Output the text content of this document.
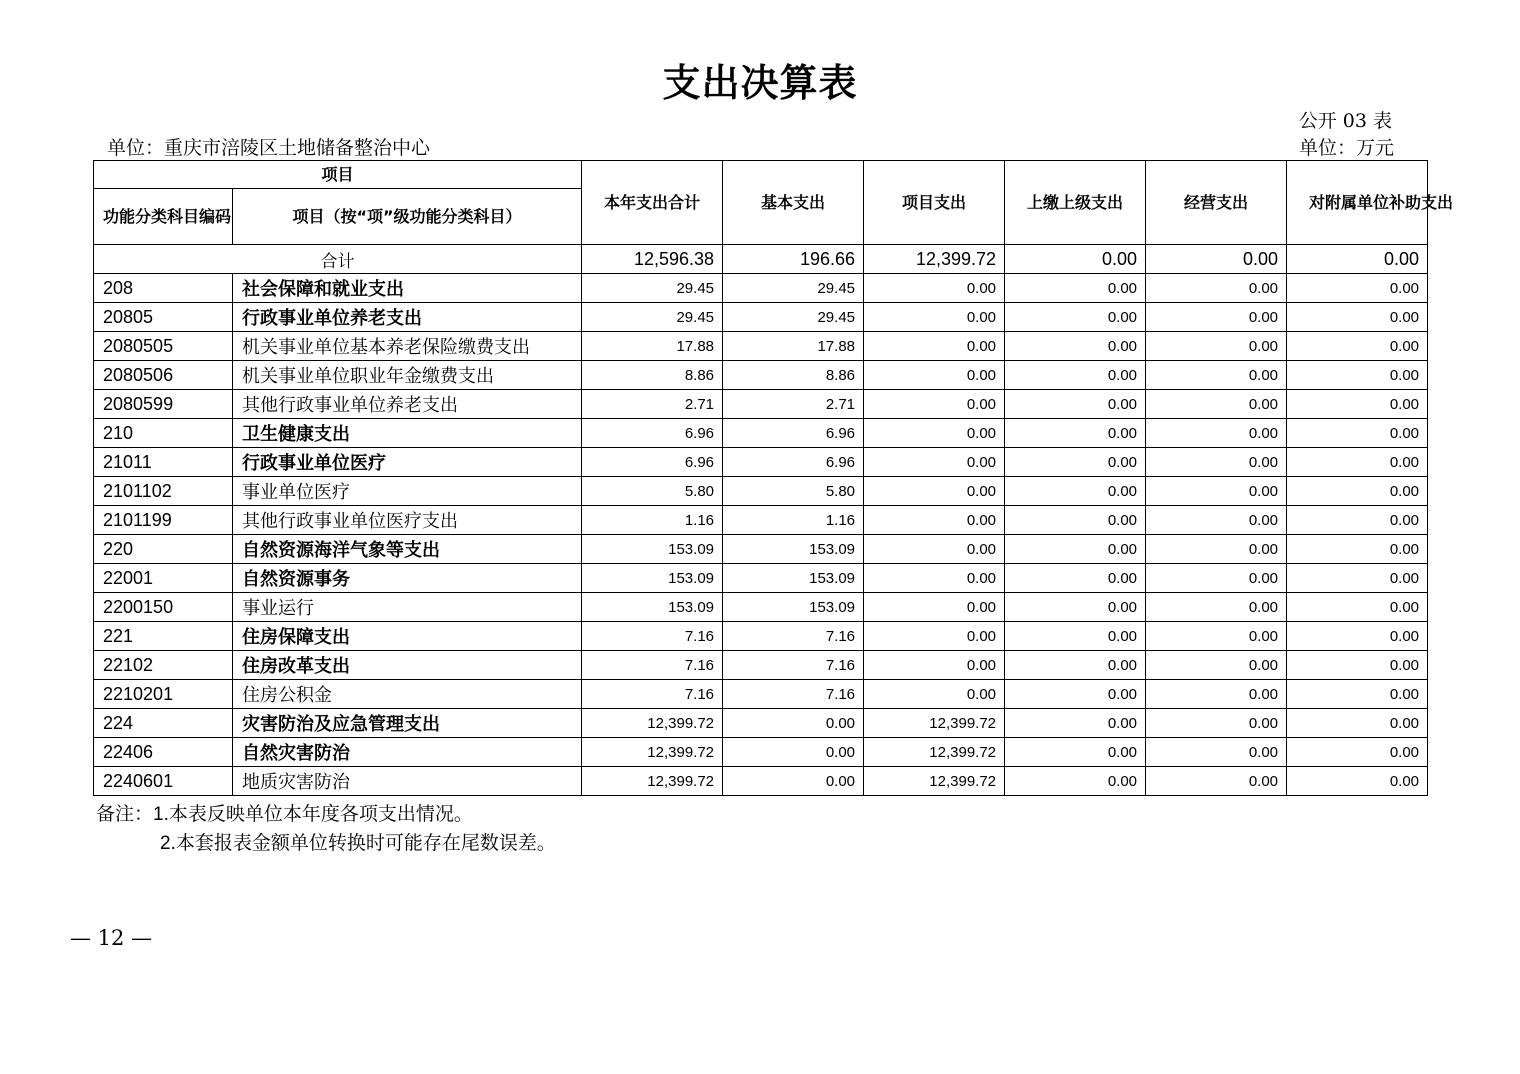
支出决算表
公开 03 表
单位：重庆市涪陵区土地储备整治中心	单位：万元
项目		本年支出合计	基本支出	项目支出	上缴上级支出	经营支出	对附属单位补助支出

功能分类科目编码	项目（按“项”级功能分类科目）						
合计		12,596.38	196.66	12,399.72	0.00	0.00	0.00
208	社会保障和就业支出	29.45	29.45	0.00	0.00	0.00	0.00
20805	行政事业单位养老支出	29.45	29.45	0.00	0.00	0.00	0.00
2080505	机关事业单位基本养老保险缴费支出	17.88	17.88	0.00	0.00	0.00	0.00
2080506	机关事业单位职业年金缴费支出	8.86	8.86	0.00	0.00	0.00	0.00
2080599	其他行政事业单位养老支出	2.71	2.71	0.00	0.00	0.00	0.00
210	卫生健康支出	6.96	6.96	0.00	0.00	0.00	0.00
21011	行政事业单位医疗	6.96	6.96	0.00	0.00	0.00	0.00
2101102	事业单位医疗	5.80	5.80	0.00	0.00	0.00	0.00
2101199	其他行政事业单位医疗支出	1.16	1.16	0.00	0.00	0.00	0.00
220	自然资源海洋气象等支出	153.09	153.09	0.00	0.00	0.00	0.00
22001	自然资源事务	153.09	153.09	0.00	0.00	0.00	0.00
2200150	事业运行	153.09	153.09	0.00	0.00	0.00	0.00
221	住房保障支出	7.16	7.16	0.00	0.00	0.00	0.00
22102	住房改革支出	7.16	7.16	0.00	0.00	0.00	0.00
2210201	住房公积金	7.16	7.16	0.00	0.00	0.00	0.00
224	灾害防治及应急管理支出	12,399.72	0.00	12,399.72	0.00	0.00	0.00
22406	自然灾害防治	12,399.72	0.00	12,399.72	0.00	0.00	0.00
2240601	地质灾害防治	12,399.72	0.00	12,399.72	0.00	0.00	0.00
备注：1.本表反映单位本年度各项支出情况。
2.本套报表金额单位转换时可能存在尾数误差。
— 12 —
